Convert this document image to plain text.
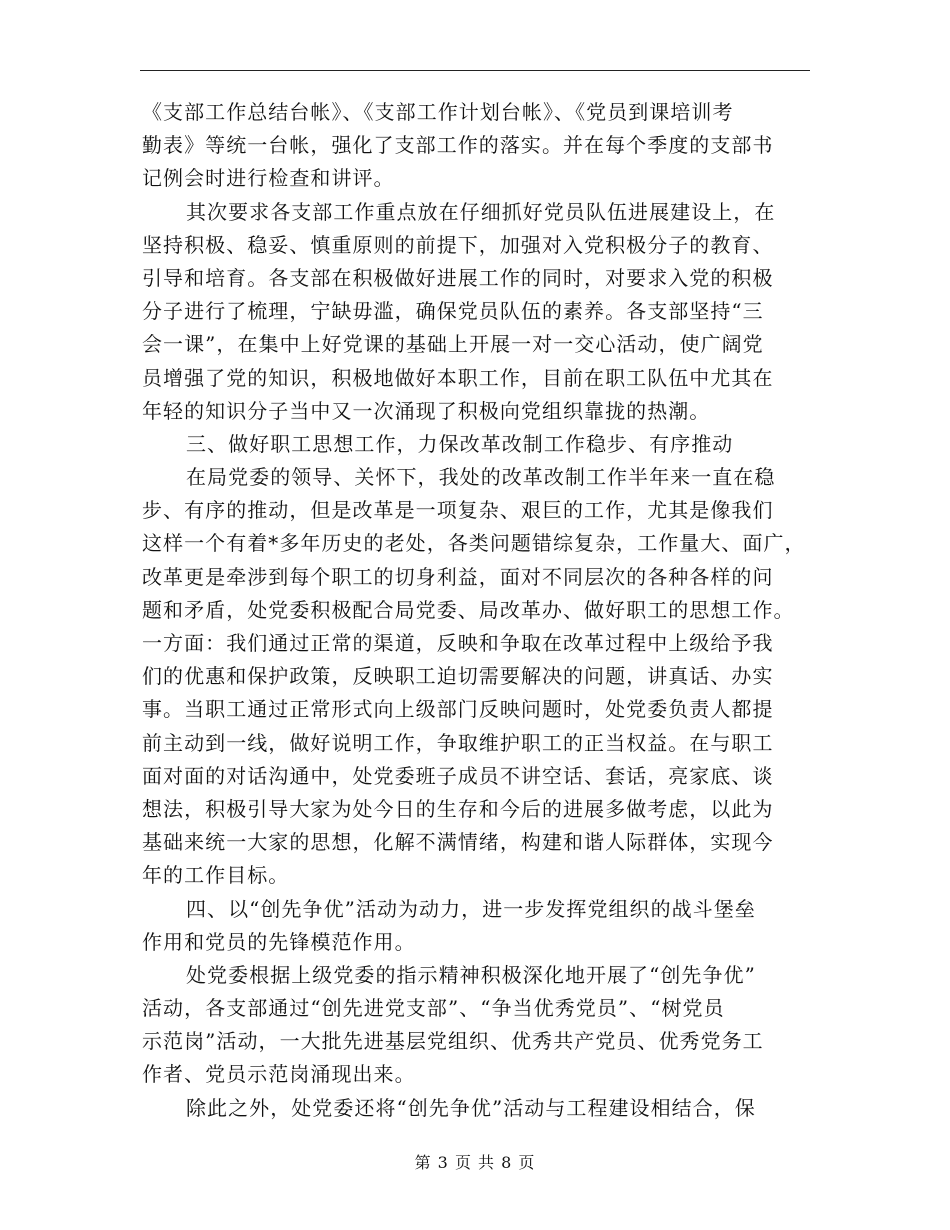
《支部工作总结台帐》、《支部工作计划台帐》、《党员到课培训考
勤表》等统一台帐，强化了支部工作的落实。并在每个季度的支部书
记例会时进行检查和讲评。
其次要求各支部工作重点放在仔细抓好党员队伍进展建设上，在
坚持积极、稳妥、慎重原则的前提下，加强对入党积极分子的教育、
引导和培育。各支部在积极做好进展工作的同时，对要求入党的积极
分子进行了梳理，宁缺毋滥，确保党员队伍的素养。各支部坚持“三
会一课”，在集中上好党课的基础上开展一对一交心活动，使广阔党
员增强了党的知识，积极地做好本职工作，目前在职工队伍中尤其在
年轻的知识分子当中又一次涌现了积极向党组织靠拢的热潮。
三、做好职工思想工作，力保改革改制工作稳步、有序推动
在局党委的领导、关怀下，我处的改革改制工作半年来一直在稳
步、有序的推动，但是改革是一项复杂、艰巨的工作，尤其是像我们
这样一个有着*多年历史的老处，各类问题错综复杂，工作量大、面广，
改革更是牵涉到每个职工的切身利益，面对不同层次的各种各样的问
题和矛盾，处党委积极配合局党委、局改革办、做好职工的思想工作。
一方面：我们通过正常的渠道，反映和争取在改革过程中上级给予我
们的优惠和保护政策，反映职工迫切需要解决的问题，讲真话、办实
事。当职工通过正常形式向上级部门反映问题时，处党委负责人都提
前主动到一线，做好说明工作，争取维护职工的正当权益。在与职工
面对面的对话沟通中，处党委班子成员不讲空话、套话，亮家底、谈
想法，积极引导大家为处今日的生存和今后的进展多做考虑，以此为
基础来统一大家的思想，化解不满情绪，构建和谐人际群体，实现今
年的工作目标。
四、以“创先争优”活动为动力，进一步发挥党组织的战斗堡垒
作用和党员的先锋模范作用。
处党委根据上级党委的指示精神积极深化地开展了“创先争优”
活动，各支部通过“创先进党支部”、“争当优秀党员”、“树党员
示范岗”活动，一大批先进基层党组织、优秀共产党员、优秀党务工
作者、党员示范岗涌现出来。
除此之外，处党委还将“创先争优”活动与工程建设相结合，保
第 3 页 共 8 页
